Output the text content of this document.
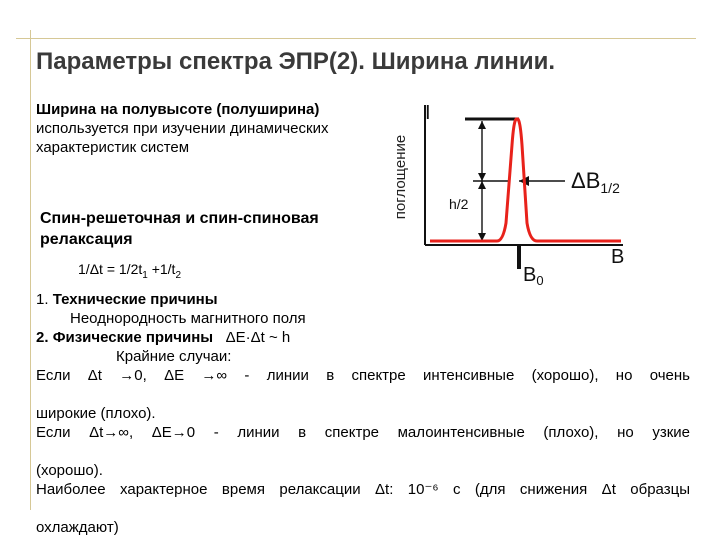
Параметры спектра ЭПР(2). Ширина линии.
Ширина на полувысоте (полуширина) используется при изучении динамических характеристик систем
Спин-решеточная и спин-спиновая релаксация
$1/\Delta t = 1/2t_1 +1/t_2$
поглощение
I
B
h/2
$\Delta B_{1/2}$
$B_0$
1. Технические причины
Неоднородность магнитного поля
2. Физические причины ΔE·Δt ~ h
Крайние случаи:
Если Δt →0, ΔE →∞ - линии в спектре интенсивные (хорошо), но очень
широкие (плохо).
Если Δt→∞, ΔE→0 - линии в спектре малоинтенсивные (плохо), но узкие
(хорошо).
Наиболее характерное время релаксации Δt: 10⁻⁶ с (для снижения Δt образцы
охлаждают)
